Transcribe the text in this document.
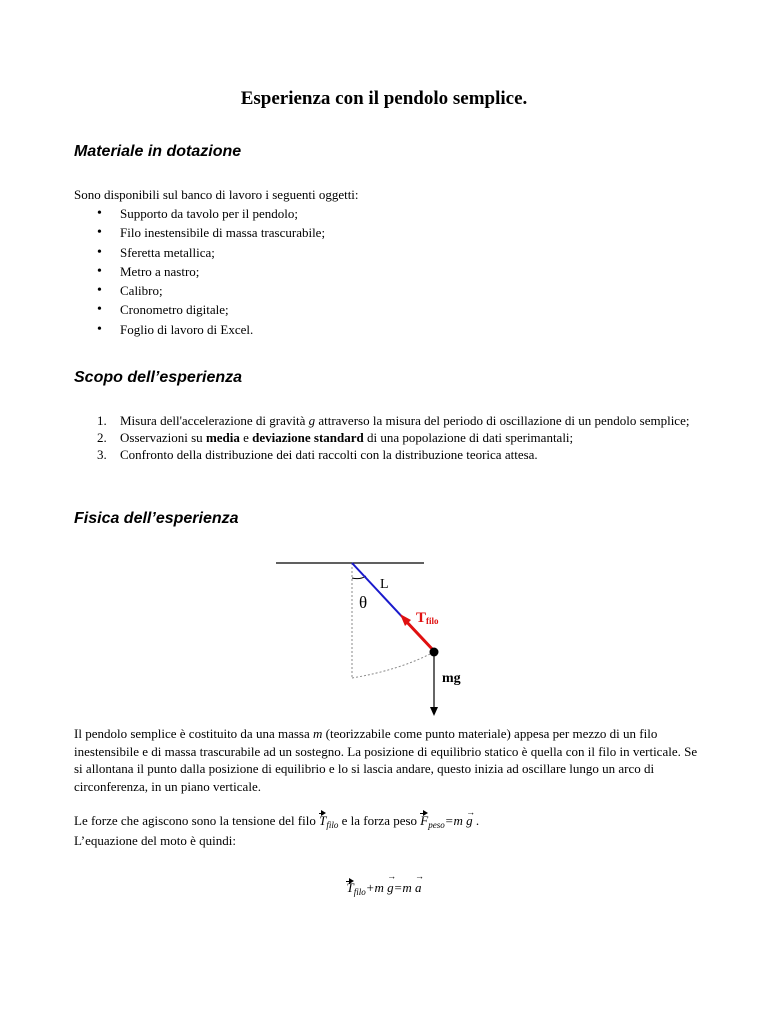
Esperienza con il pendolo semplice.
Materiale in dotazione
Sono disponibili sul banco di lavoro i seguenti oggetti:
• Supporto da tavolo per il pendolo;
• Filo inestensibile di massa trascurabile;
• Sferetta metallica;
• Metro a nastro;
• Calibro;
• Cronometro digitale;
• Foglio di lavoro di Excel.
Scopo dell’esperienza
1. Misura dell'accelerazione di gravità g attraverso la misura del periodo di oscillazione di un pendolo semplice;
2. Osservazioni su media e deviazione standard di una popolazione di dati sperimantali;
3. Confronto della distribuzione dei dati raccolti con la distribuzione teorica attesa.
Fisica dell’esperienza
L
θ
Tfilo
mg
Il pendolo semplice è costituito da una massa m (teorizzabile come punto materiale) appesa per mezzo di un filo inestensibile e di massa trascurabile ad un sostegno. La posizione di equilibrio statico è quella con il filo in verticale. Se si allontana il punto dalla posizione di equilibrio e lo si lascia andare, questo inizia ad oscillare lungo un arco di circonferenza, in un piano verticale.
Le forze che agiscono sono la tensione del filo $T_{filo}$ e la forza peso $F_{peso}=m \to g$ .
L’equazione del moto è quindi:
$T_{filo}+m \to g=m \to a$
